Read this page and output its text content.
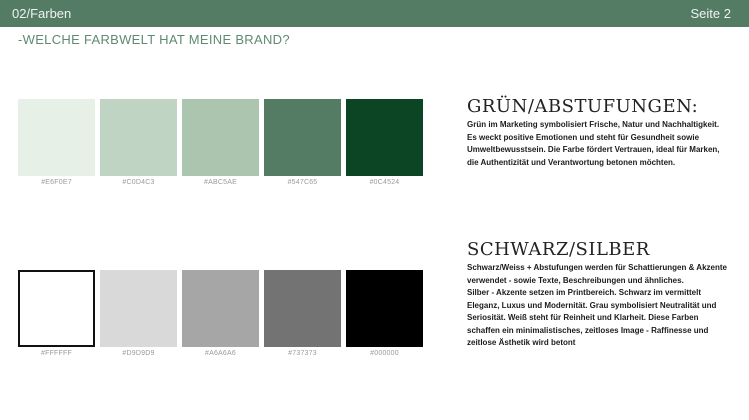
02/Farben	Seite 2
-WELCHE FARBWELT HAT MEINE BRAND?
#E6F0E7	#C0D4C3	#ABC5AE	#547C65	#0C4524
#FFFFFF	#D9D9D9	#A6A6A6	#737373	#000000
GRÜN/ABSTUFUNGEN:

Grün im Marketing symbolisiert Frische, Natur und Nachhaltigkeit. Es weckt positive Emotionen und steht für Gesundheit sowie Umweltbewusstsein. Die Farbe fördert Vertrauen, ideal für Marken, die Authentizität und Verantwortung betonen möchten.

SCHWARZ/SILBER

Schwarz/Weiss + Abstufungen werden für Schattierungen & Akzente verwendet - sowie Texte, Beschreibungen und ähnliches.

Silber - Akzente setzen im Printbereich. Schwarz im vermittelt Eleganz, Luxus und Modernität. Grau symbolisiert Neutralität und Seriosität. Weiß steht für Reinheit und Klarheit. Diese Farben schaffen ein minimalistisches, zeitloses Image - Raffinesse und zeitlose Ästhetik wird betont
